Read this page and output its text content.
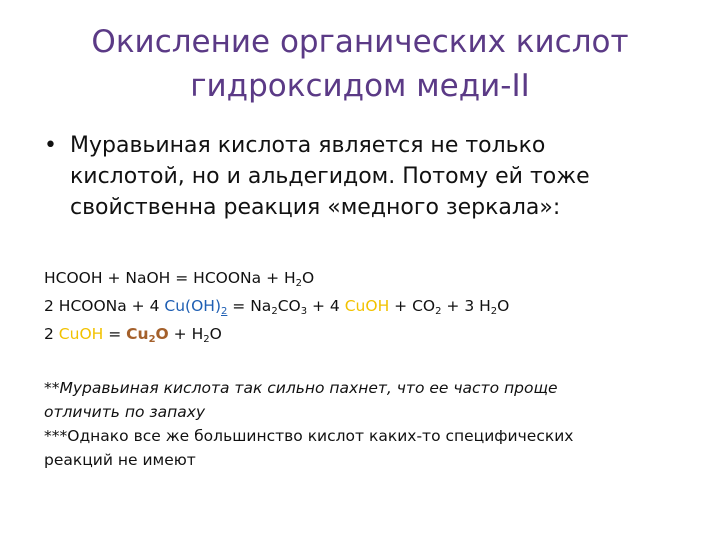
Окисление органических кислот
гидроксидом меди-II
• Муравьиная кислота является не только
кислотой, но и альдегидом. Потому ей тоже
свойственна реакция «медного зеркала»:
HCOOH + NaOH = HCOONa + $H_2O$
2 HCOONa + 4 $Cu(OH)_2 = Na_2CO_3 + 4$ CuOH + $CO_2 + 3$ $H_2O$
2 CuOH = $Cu_2O + H_2O$
**Муравьиная кислота так сильно пахнет, что ее часто проще
отличить по запаху
***Однако все же большинство кислот каких-то специфических
реакций не имеют
